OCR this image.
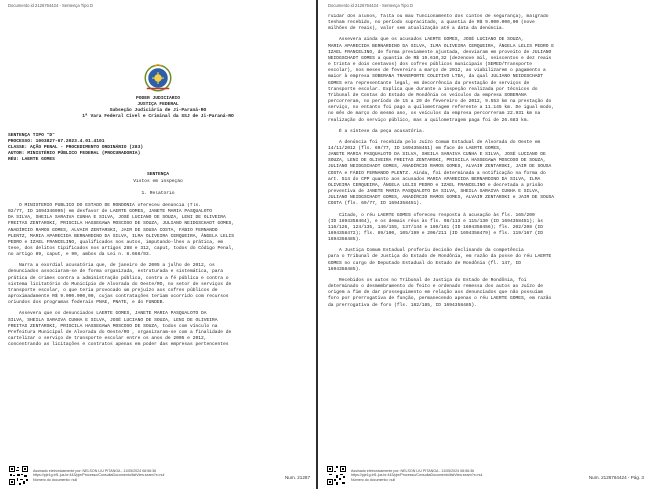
Documento id 2126764424 - Sentença Tipo D
PODER JUDICIÁRIO
JUSTIÇA FEDERAL
Subseção Judiciária de Ji-Paraná-RO
1ª Vara Federal Cível e Criminal da SSJ de Ji-Paraná-RO
SENTENÇA TIPO "D"
PROCESSO: 1003827-67.2023.4.01.4101
CLASSE: AÇÃO PENAL - PROCEDIMENTO ORDINÁRIO (283)
AUTOR: MINISTÉRIO PÚBLICO FEDERAL (PROCURADORIA)
RÉU: LAERTE GOMES
SENTENÇA
Vistos em inspeção
1. Relatório
O MINISTÉRIO PÚBLICO DO ESTADO DE RONDÔNIA ofereceu denúncia (fls.
02/77, ID 1694346995) em desfavor de LAERTE GOMES, JANETE MARIA PASQUALOTO
DA SILVA, SHEILA SARAIVA CUNHA E SILVA, JOSÉ LUCIANO DE SOUZA, LENI DE OLIVEIRA
FREITAS ZENTARSKI, PRISCILA HASSEGAWA MOSCOSO DE SOUZA, JULIANO NEIDGSCHADT GOMES,
ANADÍRCIO RAMOS GOMES, ALVAIR ZENTARSKI, JAIR DE SOUSA COSTA, FÁBIO FERNANDO
PLENTZ, MARIA APARECIDA BERNARDINO DA SILVA, ILMA OLIVEIRA CERQUEIRA, ÂNGELA LELIS
PEDRO e IZAEL FRANCELINO, qualificados nos autos, imputando-lhes a prática, em
tese, dos delitos tipificados nos artigos 288 e 312, caput, todos do Código Penal,
no artigo 89, caput, e 90, ambos da Lei n. 8.666/93.
Narra a exordial acusatória que, de janeiro de 2005 a julho de 2012, os
denunciados associaram-se de forma organizada, estruturada e sistemática, para
prática de crimes contra a administração pública, contra a fé pública e contra o
sistema licitatório do Município de Alvorada do Oeste/RO, no setor de serviços de
transporte escolar, o que teria provocado um prejuízo aos cofres públicos de
aproximadamente R$ 9.000.000,00, cujas contratações teriam ocorrido com recursos
oriundos dos programas federais PNAE, PNATE, e do FUNDEB.
Assevera que os denunciados LAERTE GOMES, JANETE MARIA PASQUALOTO DA
SILVA, SHEILA SARAIVA CUNHA E SILVA, JOSÉ LUCIANO DE SOUZA, LENI DE OLIVEIRA
FREITAS ZENTARSKI, PRISCILA HASSEGAWA MOSCOSO DE SOUZA, todos com vínculo na
Prefeitura Municipal de Alvorada do Oeste/RO , organizaram-se com a finalidade de
cartelizar o serviço de transporte escolar entre os anos de 2005 e 2012,
concentrando as licitações e contratos apenas em poder das empresas pertencentes
Assinado eletronicamente por: NELSON LIU PITANGA - 11/05/2024 08:56:36
https://pje1g.trf1.jus.br:443/pje/Processo/ConsultaDocumento/listView.seam?x=nul
Número do documento: null	Num. 21287
Documento id 2126764424 - Sentença Tipo D
ruidar dos alunos, falta ou mau funcionamento dos cintos de segurança), malgrado
tenham recebido, no período supracitado, a quantia de R$ 9.000.000,00 (nove
milhões de reais), valor sem atualização até a data da denúncia.
Assevera ainda que os acusados LAERTE GOMES, JOSÉ LUCIANO DE SOUZA,
MARIA APARECIDA BERNARDINO DA SILVA, ILMA OLIVEIRA CERQUEIRA, ÂNGELA LELIS PEDRO E
IZAEL FRANCELINO, de forma previamente ajustada, desviaram em proveito de JULIANO
NEIDGSCHADT GOMES a quantia de R$ 19.610,32 (dezenove mil, seiscentos e dez reais
e trinta e dois centavos) dos cofres públicos municipais (SEMED/Transporte
escolar), nos meses de fevereiro a março de 2012, ao viabilizarem o pagamento a
maior à empresa SOBERANA TRANSPORTE COLETIVO LTDA, da qual JULIANO NEIDGSCHADT
GOMES era representante legal, em decorrência da prestação de serviços de
transporte escolar. Explica que durante a inspeção realizada por técnicos do
Tribunal de Contas do Estado de Rondônia os veículos da empresa SOBERANA
percorreram, no período de 15 a 29 de fevereiro de 2012, 9.553 km na prestação do
serviço, no entanto foi pago a quilometragem referente a 11.145 km. De igual modo,
no mês de março do mesmo ano, os veículos da empresa percorreram 22.931 km na
realização do serviço público, mas a quilometragem paga foi de 26.683 km.
É a síntese da peça acusatória.
A denúncia foi recebida pelo Juízo Comum Estadual de Alvorada do Oeste em
14/11/2012 (fls. 69/77, ID 1694358451) em face de LAERTE GOMES,
JANETE MARIA PASQUALOTO DA SILVA, SHEILA SARAIVA CUNHA E SILVA, JOSÉ LUCIANO DE
SOUZA, LENI DE OLIVEIRA FREITAS ZENTARSKI, PRISCILA HASSEGAWA MOSCOSO DE SOUZA,
JULIANO NEIDGSCHADT GOMES, ANADÍRCIO RAMOS GOMES, ALVAIR ZENTARSKI, JAIR DE SOUSA
COSTA e FÁBIO FERNANDO PLENTZ. Ainda, foi determinada a notificação na forma do
art. 514 do CPP quanto aos acusados MARIA APARECIDA BERNARDINO DA SILVA, ILMA
OLIVEIRA CERQUEIRA, ÂNGELA LELIS PEDRO e IZAEL FRANCELINO e decretada a prisão
preventiva de JANETE MARIA PASQUALOTO DA SILVA, SHEILA SARAIVA CUNHA E SILVA,
JULIANO NEIDGSCHADT GOMES, ANADÍRCIO RAMOS GOMES, ALVAIR ZENTARSKI e JAIR DE SOUSA
COSTA (fls. 69/77, ID 1694358451).
Citado, o réu LAERTE GOMES ofereceu resposta à acusação às fls. 165/200
(ID 1694358464), e os demais réus às fls. 98/113 e 115/130 (ID 1694358451); às
116/126, 124/135, 146/155, 137/144 e 160/161 (ID 1694358456); fls. 202/208 (ID
1694358472); fls. 89/100, 105/199 e 206/211 (ID 1694358479) e fls. 119/167 (ID
1694358485).
A Justiça Comum Estadual proferiu decisão declinando da competência
para o Tribunal de Justiça do Estado de Rondônia, em razão da posse do réu LAERTE
GOMES no cargo de Deputado Estadual do Estado de Rondônia (fl. 147, ID
1694358485).
Recebidos os autos no Tribunal de Justiça do Estado de Rondônia, foi
determinado o desmembramento do feito e ordenado remessa dos autos ao Juízo de
origem a fim de dar prosseguimento em relação aos denunciados que não possuíam
foro por prerrogativa de função, permanecendo apenas o réu LAERTE GOMES, em razão
da prerrogativa de foro (fls. 182/185, ID 1694358485).
Assinado eletronicamente por: NELSON LIU PITANGA - 11/05/2024 08:56:36
https://pje1g.trf1.jus.br:443/pje/Processo/ConsultaDocumento/listView.seam?x=nul
Número do documento: null	Num. 2126764424 - Pág. 3
